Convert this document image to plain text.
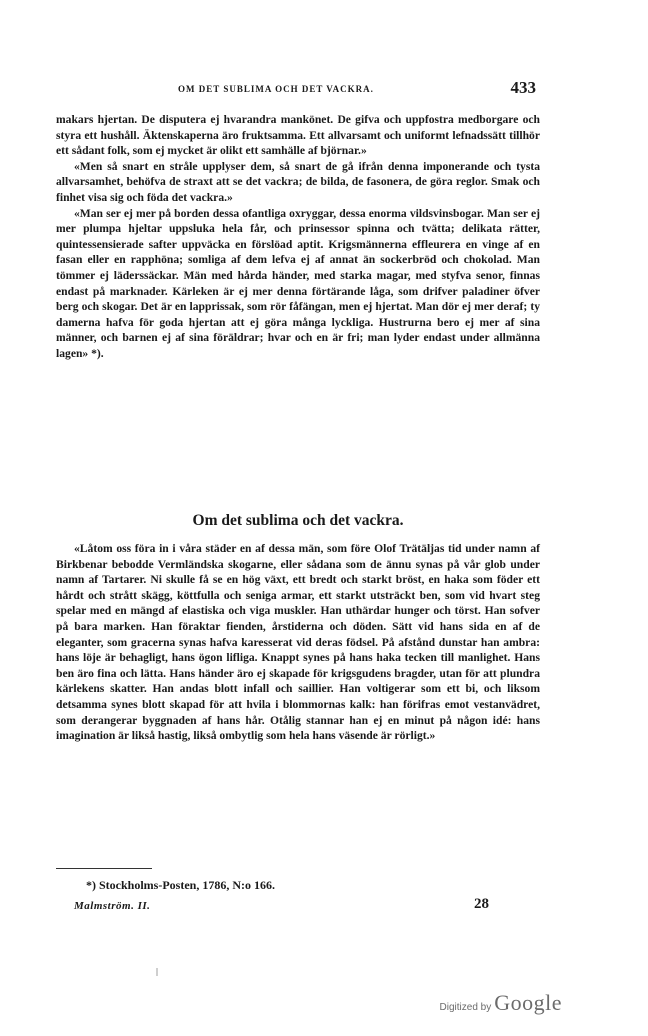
OM DET SUBLIMA OCH DET VACKRA.	433

makars hjertan. De disputera ej hvarandra mankönet. De gifva och uppfostra medborgare och styra ett hushåll. Äktenskaperna äro fruktsamma. Ett allvarsamt och uniformt lefnadssätt tillhör ett sådant folk, som ej mycket är olikt ett samhälle af björnar.»

«Men så snart en stråle upplyser dem, så snart de gå ifrån denna imponerande och tysta allvarsamhet, behöfva de straxt att se det vackra; de bilda, de fasonera, de göra reglor. Smak och finhet visa sig och föda det vackra.»

«Man ser ej mer på borden dessa ofantliga oxryggar, dessa enorma vildsvinsbogar. Man ser ej mer plumpa hjeltar uppsluka hela får, och prinsessor spinna och tvätta; delikata rätter, quintessensierade safter uppväcka en förslöad aptit. Krigsmännerna effleurera en vinge af en fasan eller en rapphöna; somliga af dem lefva ej af annat än sockerbröd och chokolad. Man tömmer ej läderssäckar. Män med hårda händer, med starka magar, med styfva senor, finnas endast på marknader. Kärleken är ej mer denna förtärande låga, som drifver paladiner öfver berg och skogar. Det är en lapprissak, som rör fåfängan, men ej hjertat. Man dör ej mer deraf; ty damerna hafva för goda hjertan att ej göra många lyckliga. Hustrurna bero ej mer af sina männer, och barnen ej af sina föräldrar; hvar och en är fri; man lyder endast under allmänna lagen» *).

Om det sublima och det vackra.

«Låtom oss föra in i våra städer en af dessa män, som före Olof Trätäljas tid under namn af Birkbenar bebodde Vermländska skogarne, eller sådana som de ännu synas på vår glob under namn af Tartarer. Ni skulle få se en hög växt, ett bredt och starkt bröst, en haka som föder ett hårdt och strått skägg, köttfulla och seniga armar, ett starkt utsträckt ben, som vid hvart steg spelar med en mängd af elastiska och viga muskler. Han uthärdar hunger och törst. Han sofver på bara marken. Han föraktar fienden, årstiderna och döden. Sätt vid hans sida en af de eleganter, som gracerna synas hafva karesserat vid deras födsel. På afstånd dunstar han ambra: hans löje är behagligt, hans ögon lifliga. Knappt synes på hans haka tecken till manlighet. Hans ben äro fina och lätta. Hans händer äro ej skapade för krigsgudens bragder, utan för att plundra kärlekens skatter. Han andas blott infall och saillier. Han voltigerar som ett bi, och liksom detsamma synes blott skapad för att hvila i blommornas kalk: han förifras emot vestanvädret, som derangerar byggnaden af hans hår. Otålig stannar han ej en minut på någon idé: hans imagination är likså hastig, likså ombytlig som hela hans väsende är rörligt.»

*) Stockholms-Posten, 1786, N:o 166.
Malmström. II.	28
Digitized by Google
